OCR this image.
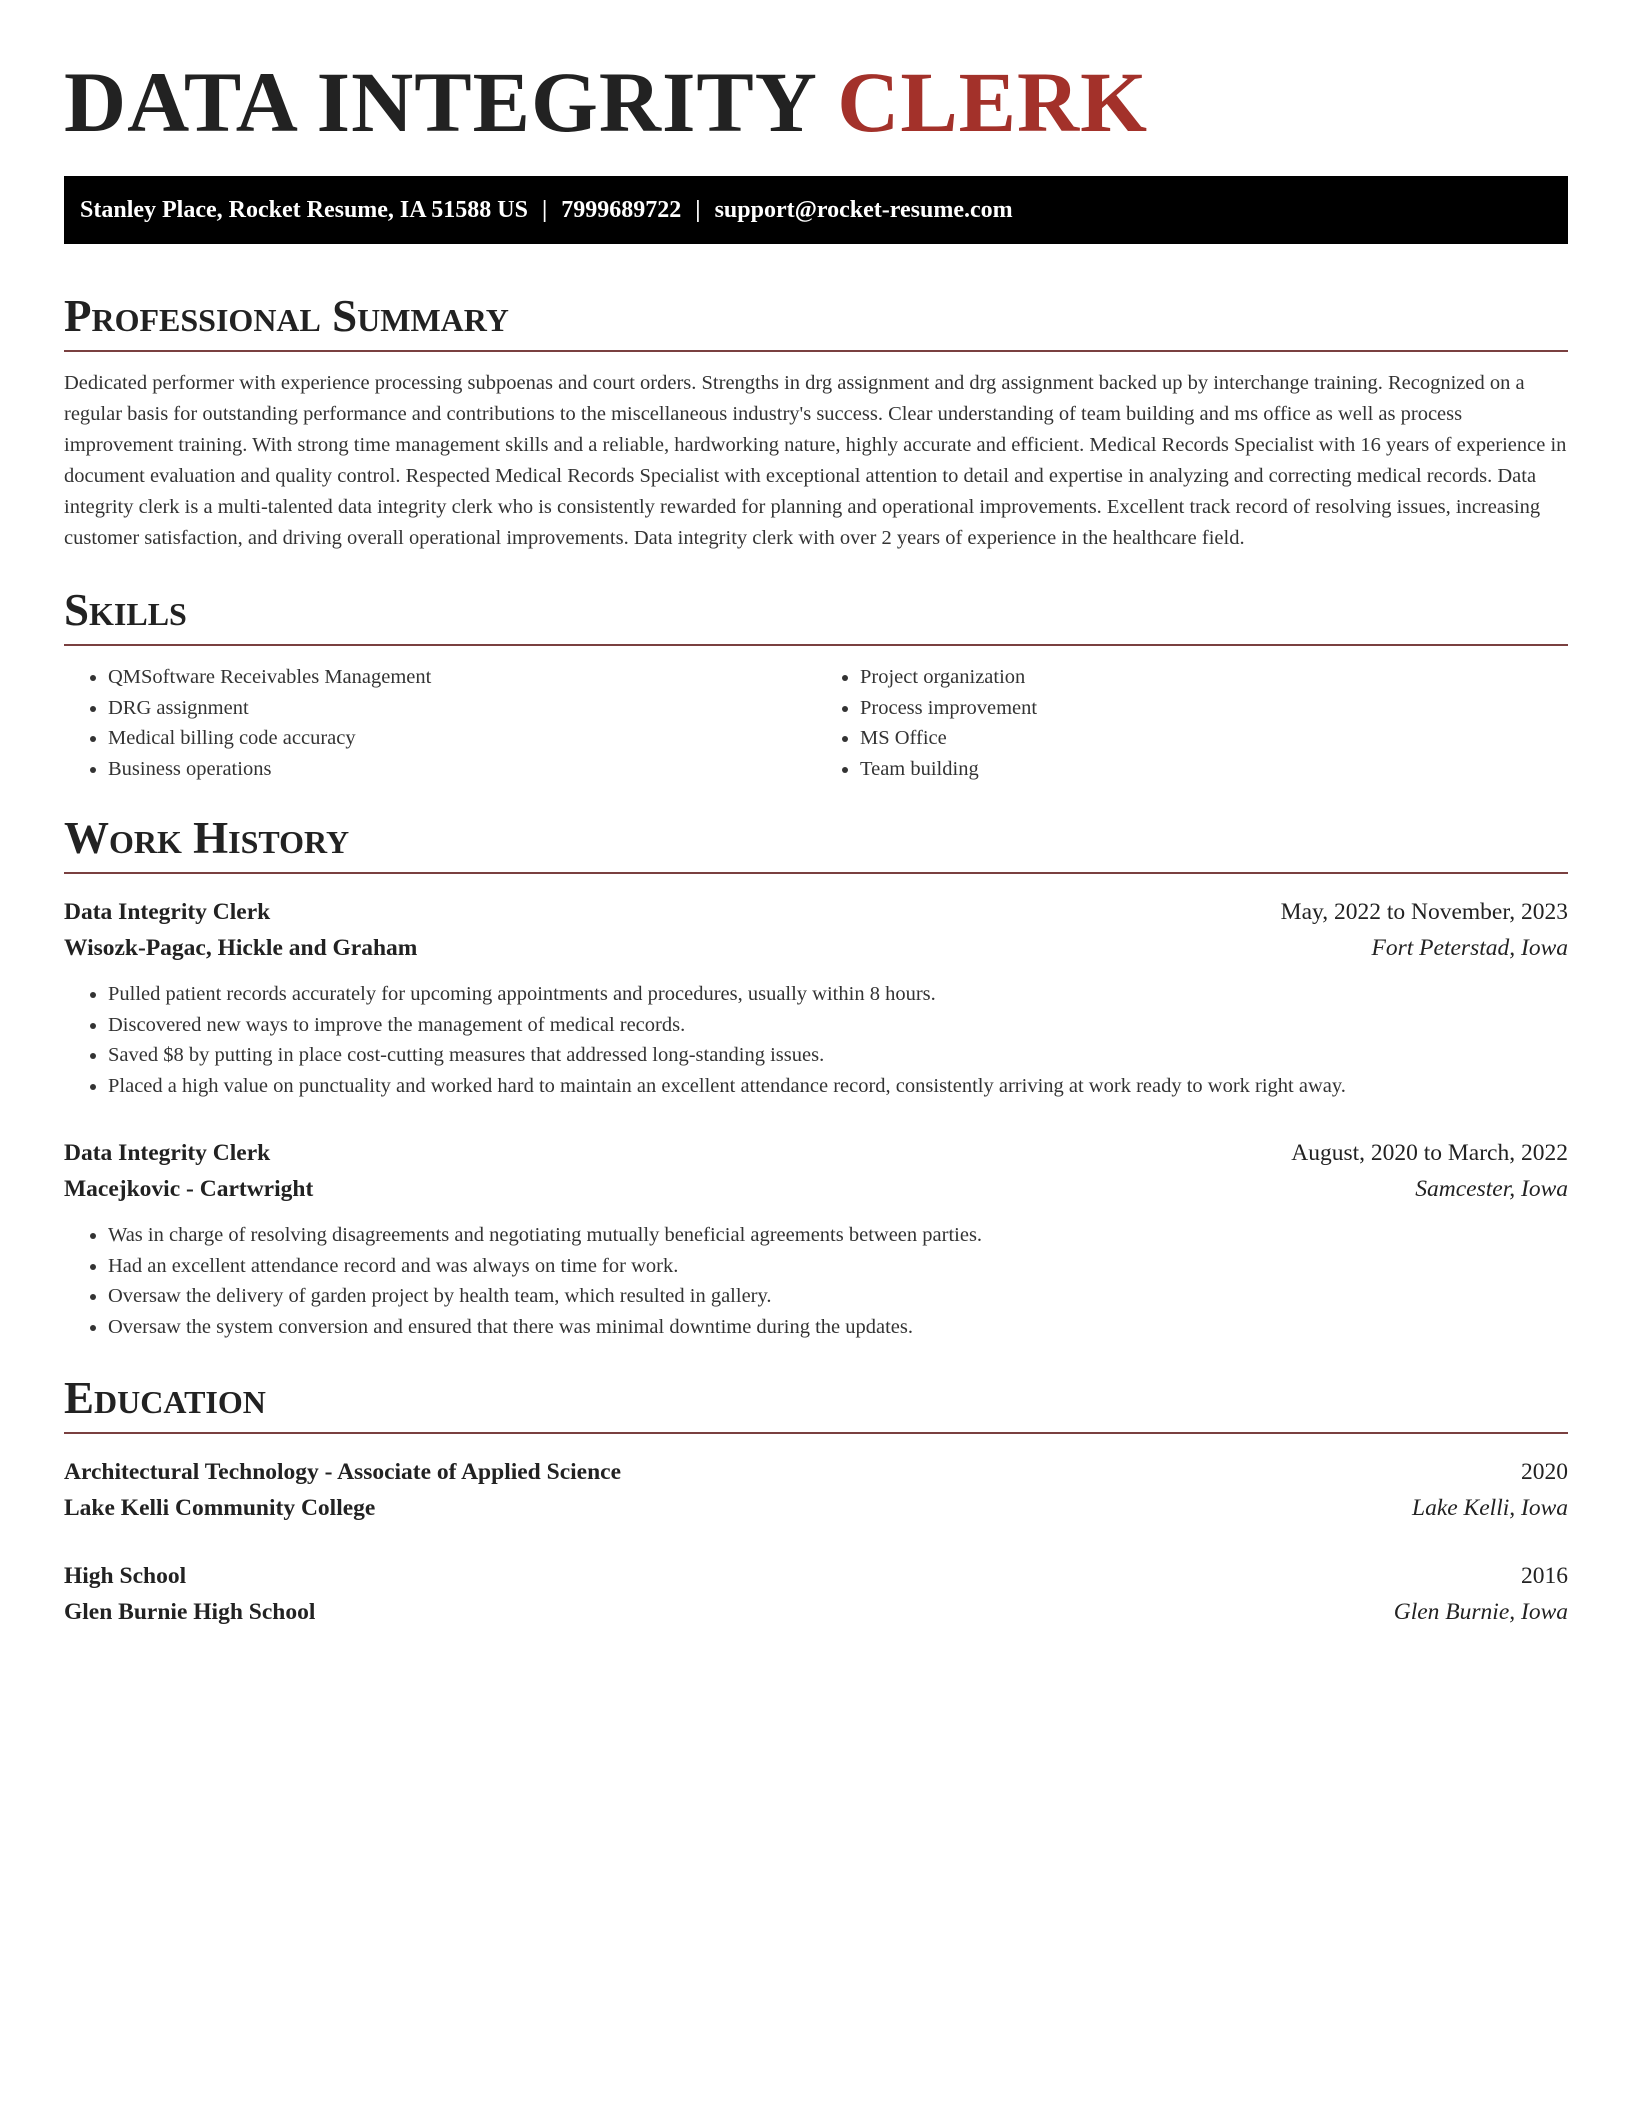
DATA INTEGRITY CLERK
Stanley Place, Rocket Resume, IA 51588 US | 7999689722 | support@rocket-resume.com
Professional Summary

Dedicated performer with experience processing subpoenas and court orders. Strengths in drg assignment and drg assignment backed up by interchange training. Recognized on a regular basis for outstanding performance and contributions to the miscellaneous industry's success. Clear understanding of team building and ms office as well as process improvement training. With strong time management skills and a reliable, hardworking nature, highly accurate and efficient. Medical Records Specialist with 16 years of experience in document evaluation and quality control. Respected Medical Records Specialist with exceptional attention to detail and expertise in analyzing and correcting medical records. Data integrity clerk is a multi-talented data integrity clerk who is consistently rewarded for planning and operational improvements. Excellent track record of resolving issues, increasing customer satisfaction, and driving overall operational improvements. Data integrity clerk with over 2 years of experience in the healthcare field.

Skills
• QMSoftware Receivables Management
• DRG assignment
• Medical billing code accuracy
• Business operations
• Project organization
• Process improvement
• MS Office
• Team building
Work History
Data Integrity Clerk	May, 2022 to November, 2023
Wisozk-Pagac, Hickle and Graham	Fort Peterstad, Iowa
• Pulled patient records accurately for upcoming appointments and procedures, usually within 8 hours.
• Discovered new ways to improve the management of medical records.
• Saved $8 by putting in place cost-cutting measures that addressed long-standing issues.
• Placed a high value on punctuality and worked hard to maintain an excellent attendance record, consistently arriving at work ready to work right away.
Data Integrity Clerk	August, 2020 to March, 2022
Macejkovic - Cartwright	Samcester, Iowa
• Was in charge of resolving disagreements and negotiating mutually beneficial agreements between parties.
• Had an excellent attendance record and was always on time for work.
• Oversaw the delivery of garden project by health team, which resulted in gallery.
• Oversaw the system conversion and ensured that there was minimal downtime during the updates.
Education
Architectural Technology - Associate of Applied Science	2020
Lake Kelli Community College	Lake Kelli, Iowa
High School	2016
Glen Burnie High School	Glen Burnie, Iowa
